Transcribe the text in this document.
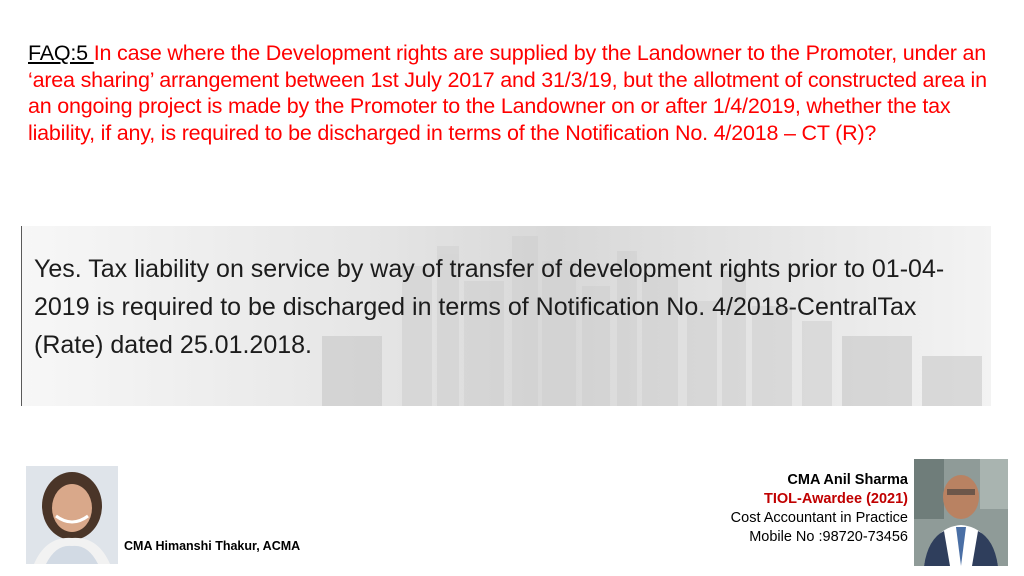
FAQ:5 In case where the Development rights are supplied by the Landowner to the Promoter, under an ‘area sharing’ arrangement between 1st July 2017 and 31/3/19, but the allotment of constructed area in an ongoing project is made by the Promoter to the Landowner on or after 1/4/2019, whether the tax liability, if any, is required to be discharged in terms of the Notification No. 4/2018 – CT (R)?
Yes. Tax liability on service by way of transfer of development rights prior to 01-04-2019 is required to be discharged in terms of Notification No. 4/2018-CentralTax (Rate) dated 25.01.2018.
CMA Himanshi Thakur, ACMA
CMA Anil Sharma
TIOL-Awardee (2021)
Cost Accountant in Practice
Mobile No :98720-73456
